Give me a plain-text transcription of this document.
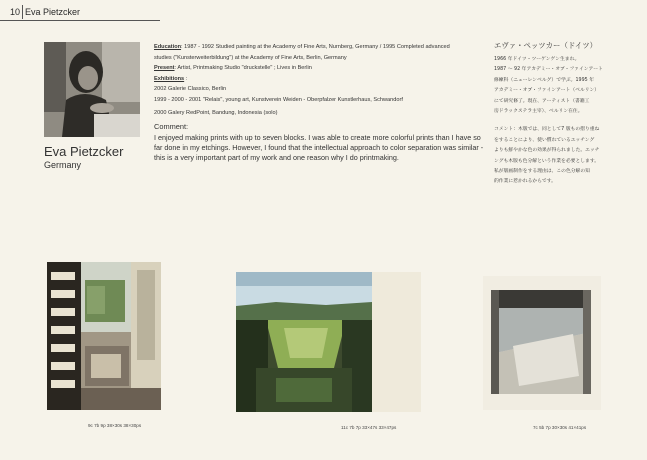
10 Eva Pietzcker
Eva Pietzcker
Germany
Education: 1987 - 1992 Studied painting at the Academy of Fine Arts, Nurnberg, Germany / 1995 Completed advanced
studies ("Kunsterweiterbildung") at the Academy of Fine Arts, Berlin, Germany
Present: Artist, Printmaking Studio "druckstelle" ; Lives in Berlin
Exhibitions :
2002 Galerie Classico, Berlin
1999 - 2000 - 2001 "Relais", young art, Kunstverein Weiden - Oberpfalzer Kunstlerhaus, Schwandorf
2000 Galery RedPoint, Bandung, Indonesia (solo)
Comment:
I enjoyed making prints with up to seven blocks. I was able to create more colorful prints than I have so
far done in my etchings. However, I found that the intellectual approach to color separation was similar -
this is a very important part of my work and one reason why I do printmaking.
エヴァ・ペッツカー（ドイツ）
1966 年ドイツ・ツーゲンゲン生まれ。
1987 ～ 92 年アカデミー・オブ・ファインアート
修練科（ニューレンベルグ）で学ぶ。1995 年
アカデミー・オブ・ファインアート（ベルリン）
にて研究修了。現在、アーティスト（書籍工
房ドラックステラ主宰）、ベルリン在住。
コメント：木版では、同として7 版もの摺り重ね
をすることにより、使い慣れているエッチング
よりも鮮やかな色の効果が得られました。エッチ
ングも木版も色分解という作業を必要とします。
私が版画制作をする理由は、この色分解の知
的作業に惹かれるからです。
9c 7b 9p 38×30s 38×30ps	11c 7b 7p 33×47s 33×47ps	7c 5b 7p 30×30s 41×41ps
